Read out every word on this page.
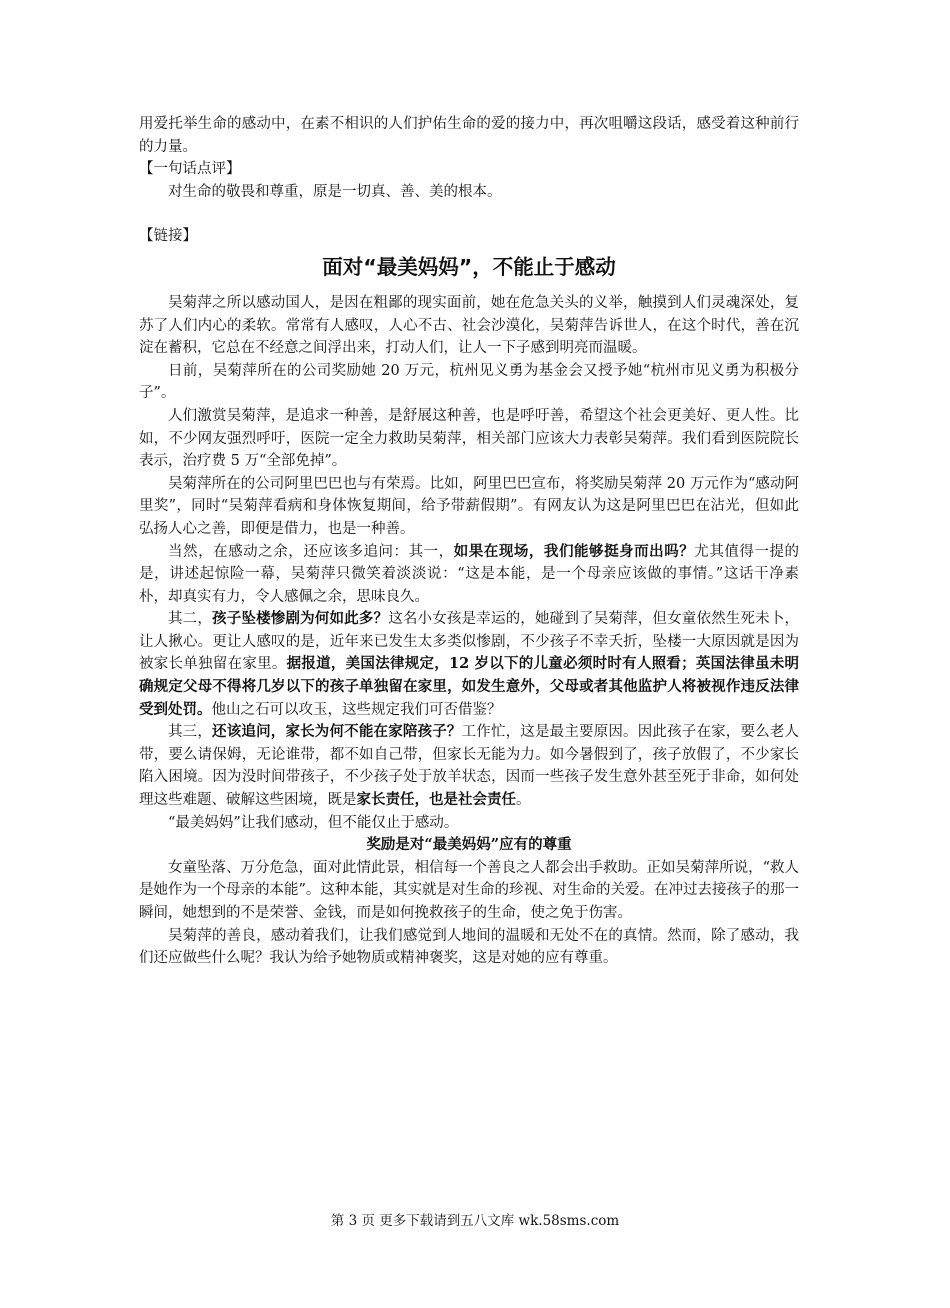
用爱托举生命的感动中，在素不相识的人们护佑生命的爱的接力中，再次咀嚼这段话，感受着这种前行的力量。

【一句话点评】

对生命的敬畏和尊重，原是一切真、善、美的根本。

【链接】

面对“最美妈妈”，不能止于感动

吴菊萍之所以感动国人，是因在粗鄙的现实面前，她在危急关头的义举，触摸到人们灵魂深处，复苏了人们内心的柔软。常常有人感叹，人心不古、社会沙漠化，吴菊萍告诉世人，在这个时代，善在沉淀在蓄积，它总在不经意之间浮出来，打动人们，让人一下子感到明亮而温暖。

日前，吴菊萍所在的公司奖励她 20 万元，杭州见义勇为基金会又授予她“杭州市见义勇为积极分子”。

人们激赏吴菊萍，是追求一种善，是舒展这种善，也是呼吁善，希望这个社会更美好、更人性。比如，不少网友强烈呼吁，医院一定全力救助吴菊萍，相关部门应该大力表彰吴菊萍。我们看到医院院长表示，治疗费 5 万“全部免掉”。

吴菊萍所在的公司阿里巴巴也与有荣焉。比如，阿里巴巴宣布，将奖励吴菊萍 20 万元作为“感动阿里奖”，同时“吴菊萍看病和身体恢复期间，给予带薪假期”。有网友认为这是阿里巴巴在沾光，但如此弘扬人心之善，即便是借力，也是一种善。

当然，在感动之余，还应该多追问：其一，如果在现场，我们能够挺身而出吗？尤其值得一提的是，讲述起惊险一幕，吴菊萍只微笑着淡淡说：“这是本能，是一个母亲应该做的事情。”这话干净素朴，却真实有力，令人感佩之余，思味良久。

其二，孩子坠楼惨剧为何如此多？这名小女孩是幸运的，她碰到了吴菊萍，但女童依然生死未卜，让人揪心。更让人感叹的是，近年来已发生太多类似惨剧，不少孩子不幸夭折，坠楼一大原因就是因为被家长单独留在家里。据报道，美国法律规定，12 岁以下的儿童必须时时有人照看；英国法律虽未明确规定父母不得将几岁以下的孩子单独留在家里，如发生意外，父母或者其他监护人将被视作违反法律受到处罚。他山之石可以攻玉，这些规定我们可否借鉴？

其三，还该追问，家长为何不能在家陪孩子？工作忙，这是最主要原因。因此孩子在家，要么老人带，要么请保姆，无论谁带，都不如自己带，但家长无能为力。如今暑假到了，孩子放假了，不少家长陷入困境。因为没时间带孩子，不少孩子处于放羊状态，因而一些孩子发生意外甚至死于非命，如何处理这些难题、破解这些困境，既是家长责任，也是社会责任。

“最美妈妈”让我们感动，但不能仅止于感动。

奖励是对“最美妈妈”应有的尊重

女童坠落、万分危急，面对此情此景，相信每一个善良之人都会出手救助。正如吴菊萍所说，“救人是她作为一个母亲的本能”。这种本能，其实就是对生命的珍视、对生命的关爱。在冲过去接孩子的那一瞬间，她想到的不是荣誉、金钱，而是如何挽救孩子的生命，使之免于伤害。

吴菊萍的善良，感动着我们，让我们感觉到人地间的温暖和无处不在的真情。然而，除了感动，我们还应做些什么呢？我认为给予她物质或精神褒奖，这是对她的应有尊重。

第 3 页 更多下载请到五八文库 wk.58sms.com
